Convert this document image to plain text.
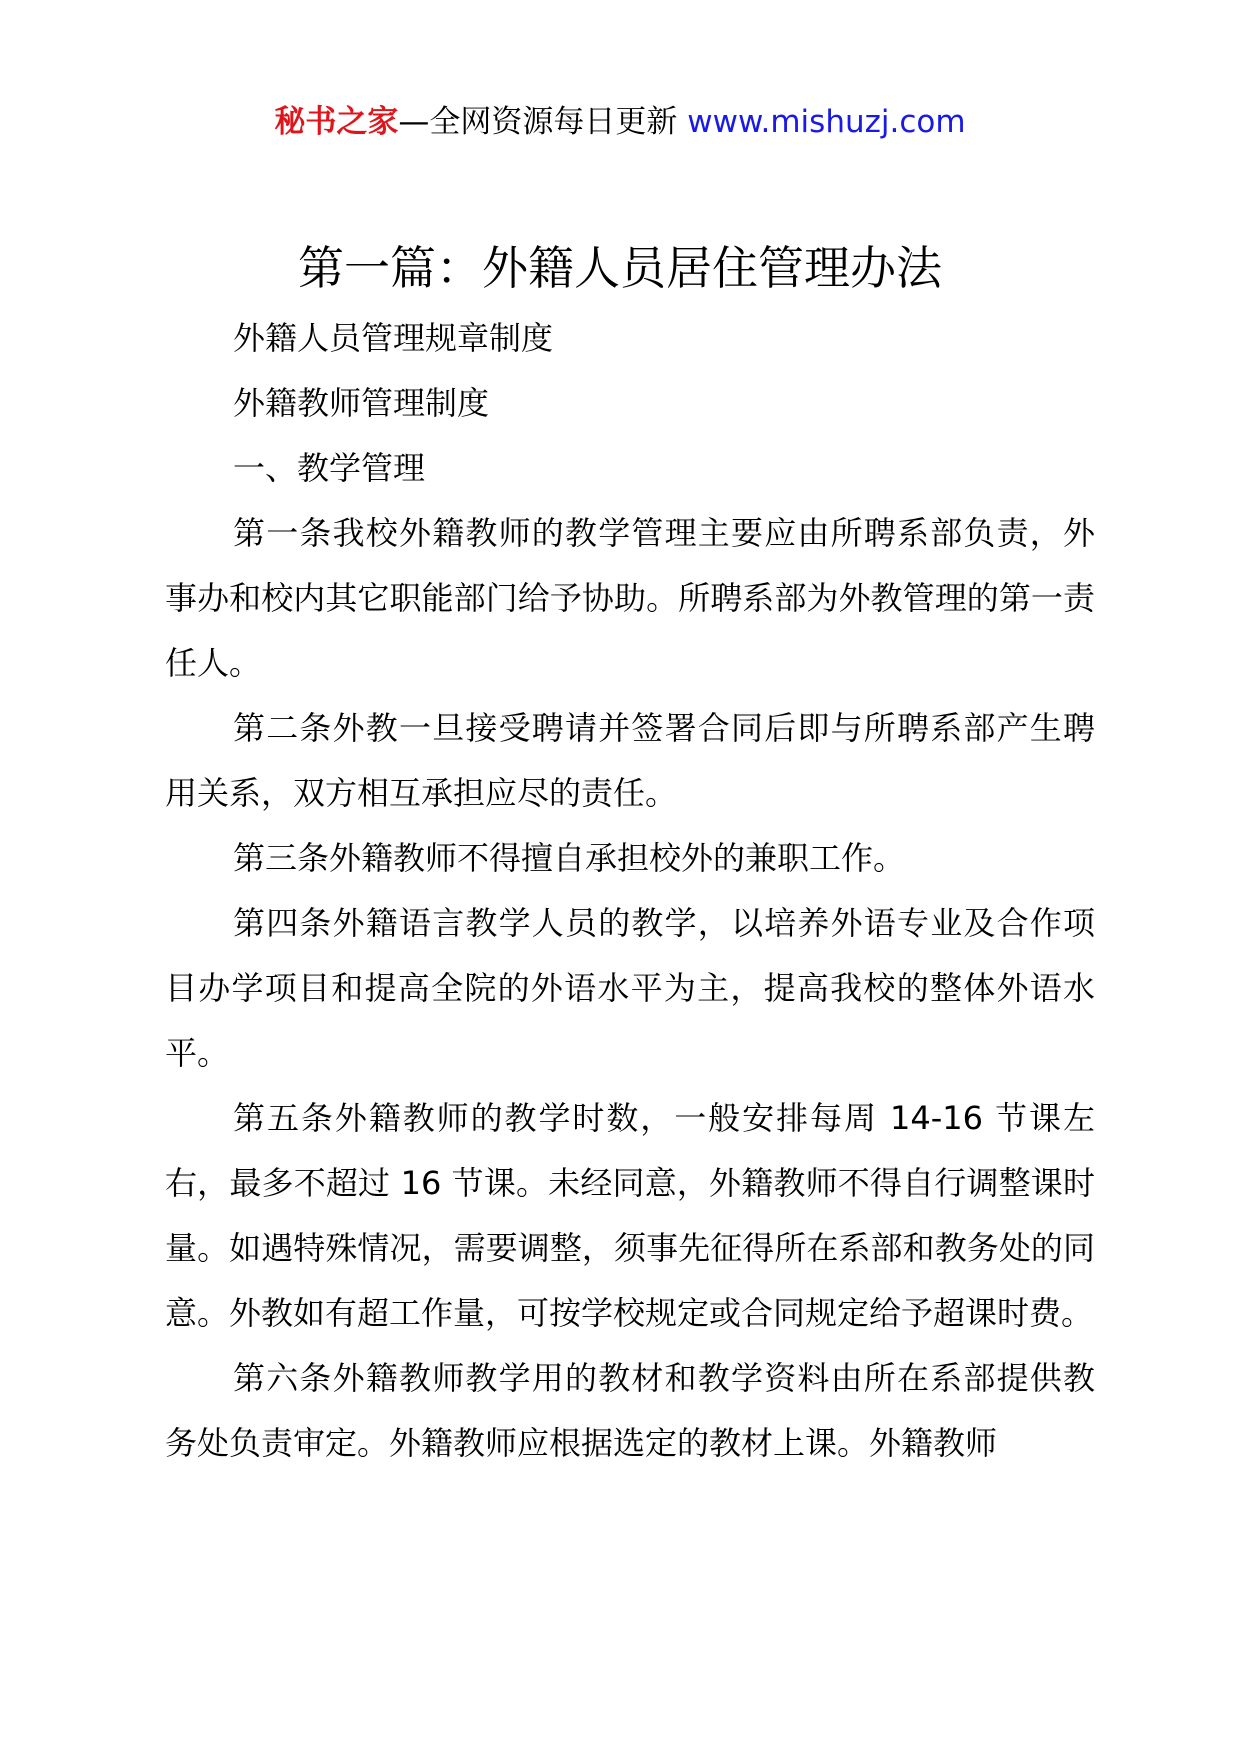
秘书之家—全网资源每日更新 www.mishuzj.com
第一篇：外籍人员居住管理办法

外籍人员管理规章制度

外籍教师管理制度

一、教学管理

第一条我校外籍教师的教学管理主要应由所聘系部负责，外事办和校内其它职能部门给予协助。所聘系部为外教管理的第一责任人。

第二条外教一旦接受聘请并签署合同后即与所聘系部产生聘用关系，双方相互承担应尽的责任。

第三条外籍教师不得擅自承担校外的兼职工作。

第四条外籍语言教学人员的教学，以培养外语专业及合作项目办学项目和提高全院的外语水平为主，提高我校的整体外语水平。

第五条外籍教师的教学时数，一般安排每周 14-16 节课左右，最多不超过 16 节课。未经同意，外籍教师不得自行调整课时量。如遇特殊情况，需要调整，须事先征得所在系部和教务处的同意。外教如有超工作量，可按学校规定或合同规定给予超课时费。

第六条外籍教师教学用的教材和教学资料由所在系部提供教务处负责审定。外籍教师应根据选定的教材上课。外籍教师
